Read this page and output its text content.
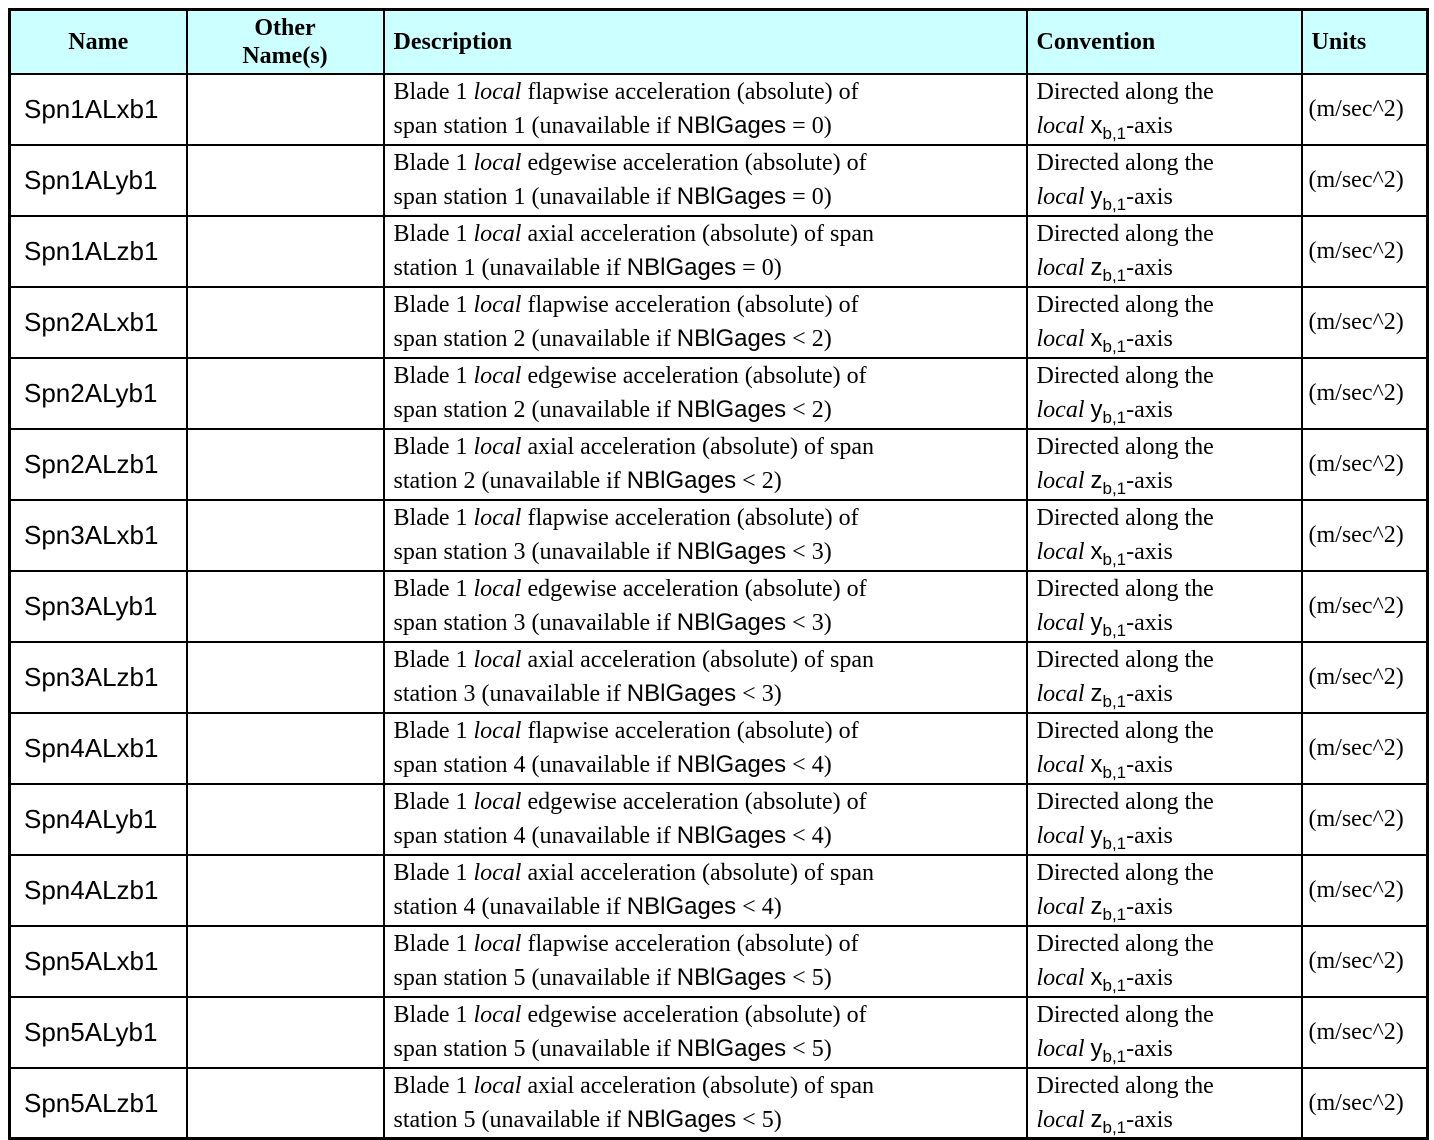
Name	Other
Name(s)	Description	Convention	Units
Spn1ALxb1		Blade 1 local flapwise acceleration (absolute) of
span station 1 (unavailable if NBlGages = 0)	Directed along the
local $x_{b,1}$-axis	(m/sec^2)
Spn1ALyb1		Blade 1 local edgewise acceleration (absolute) of
span station 1 (unavailable if NBlGages = 0)	Directed along the
local $y_{b,1}$-axis	(m/sec^2)
Spn1ALzb1		Blade 1 local axial acceleration (absolute) of span
station 1 (unavailable if NBlGages = 0)	Directed along the
local $z_{b,1}$-axis	(m/sec^2)
Spn2ALxb1		Blade 1 local flapwise acceleration (absolute) of
span station 2 (unavailable if NBlGages < 2)	Directed along the
local $x_{b,1}$-axis	(m/sec^2)
Spn2ALyb1		Blade 1 local edgewise acceleration (absolute) of
span station 2 (unavailable if NBlGages < 2)	Directed along the
local $y_{b,1}$-axis	(m/sec^2)
Spn2ALzb1		Blade 1 local axial acceleration (absolute) of span
station 2 (unavailable if NBlGages < 2)	Directed along the
local $z_{b,1}$-axis	(m/sec^2)
Spn3ALxb1		Blade 1 local flapwise acceleration (absolute) of
span station 3 (unavailable if NBlGages < 3)	Directed along the
local $x_{b,1}$-axis	(m/sec^2)
Spn3ALyb1		Blade 1 local edgewise acceleration (absolute) of
span station 3 (unavailable if NBlGages < 3)	Directed along the
local $y_{b,1}$-axis	(m/sec^2)
Spn3ALzb1		Blade 1 local axial acceleration (absolute) of span
station 3 (unavailable if NBlGages < 3)	Directed along the
local $z_{b,1}$-axis	(m/sec^2)
Spn4ALxb1		Blade 1 local flapwise acceleration (absolute) of
span station 4 (unavailable if NBlGages < 4)	Directed along the
local $x_{b,1}$-axis	(m/sec^2)
Spn4ALyb1		Blade 1 local edgewise acceleration (absolute) of
span station 4 (unavailable if NBlGages < 4)	Directed along the
local $y_{b,1}$-axis	(m/sec^2)
Spn4ALzb1		Blade 1 local axial acceleration (absolute) of span
station 4 (unavailable if NBlGages < 4)	Directed along the
local $z_{b,1}$-axis	(m/sec^2)
Spn5ALxb1		Blade 1 local flapwise acceleration (absolute) of
span station 5 (unavailable if NBlGages < 5)	Directed along the
local $x_{b,1}$-axis	(m/sec^2)
Spn5ALyb1		Blade 1 local edgewise acceleration (absolute) of
span station 5 (unavailable if NBlGages < 5)	Directed along the
local $y_{b,1}$-axis	(m/sec^2)
Spn5ALzb1		Blade 1 local axial acceleration (absolute) of span
station 5 (unavailable if NBlGages < 5)	Directed along the
local $z_{b,1}$-axis	(m/sec^2)
